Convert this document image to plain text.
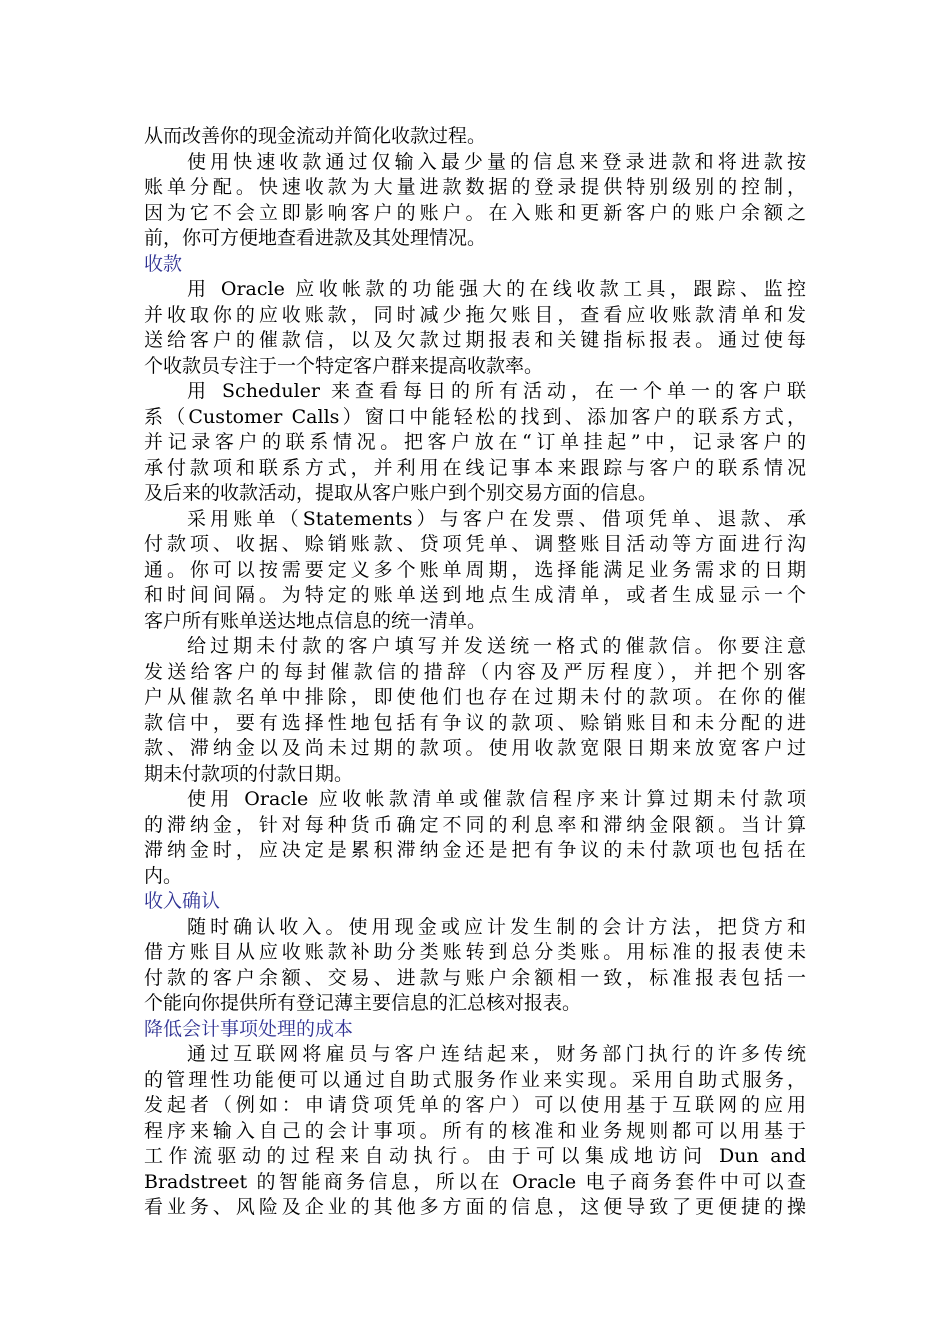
从而改善你的现金流动并简化收款过程。
使用快速收款通过仅输入最少量的信息来登录进款和将进款按
账单分配。快速收款为大量进款数据的登录提供特别级别的控制，
因为它不会立即影响客户的账户。在入账和更新客户的账户余额之
前，你可方便地查看进款及其处理情况。
收款
用 Oracle 应收帐款的功能强大的在线收款工具，跟踪、监控
并收取你的应收账款，同时减少拖欠账目，查看应收账款清单和发
送给客户的催款信，以及欠款过期报表和关键指标报表。通过使每
个收款员专注于一个特定客户群来提高收款率。
用 Scheduler 来查看每日的所有活动，在一个单一的客户联
系（Customer Calls）窗口中能轻松的找到、添加客户的联系方式，
并记录客户的联系情况。把客户放在“订单挂起”中，记录客户的
承付款项和联系方式，并利用在线记事本来跟踪与客户的联系情况
及后来的收款活动，提取从客户账户到个别交易方面的信息。
采用账单（Statements）与客户在发票、借项凭单、退款、承
付款项、收据、赊销账款、贷项凭单、调整账目活动等方面进行沟
通。你可以按需要定义多个账单周期，选择能满足业务需求的日期
和时间间隔。为特定的账单送到地点生成清单，或者生成显示一个
客户所有账单送达地点信息的统一清单。
给过期未付款的客户填写并发送统一格式的催款信。你要注意
发送给客户的每封催款信的措辞（内容及严厉程度），并把个别客
户从催款名单中排除，即使他们也存在过期未付的款项。在你的催
款信中，要有选择性地包括有争议的款项、赊销账目和未分配的进
款、滞纳金以及尚未过期的款项。使用收款宽限日期来放宽客户过
期未付款项的付款日期。
使用 Oracle 应收帐款清单或催款信程序来计算过期未付款项
的滞纳金，针对每种货币确定不同的利息率和滞纳金限额。当计算
滞纳金时，应决定是累积滞纳金还是把有争议的未付款项也包括在
内。
收入确认
随时确认收入。使用现金或应计发生制的会计方法，把贷方和
借方账目从应收账款补助分类账转到总分类账。用标准的报表使未
付款的客户余额、交易、进款与账户余额相一致，标准报表包括一
个能向你提供所有登记薄主要信息的汇总核对报表。
降低会计事项处理的成本
通过互联网将雇员与客户连结起来，财务部门执行的许多传统
的管理性功能便可以通过自助式服务作业来实现。采用自助式服务，
发起者（例如：申请贷项凭单的客户）可以使用基于互联网的应用
程序来输入自己的会计事项。所有的核准和业务规则都可以用基于
工作流驱动的过程来自动执行。由于可以集成地访问 Dun and
Bradstreet 的智能商务信息，所以在 Oracle 电子商务套件中可以查
看业务、风险及企业的其他多方面的信息，这便导致了更便捷的操
